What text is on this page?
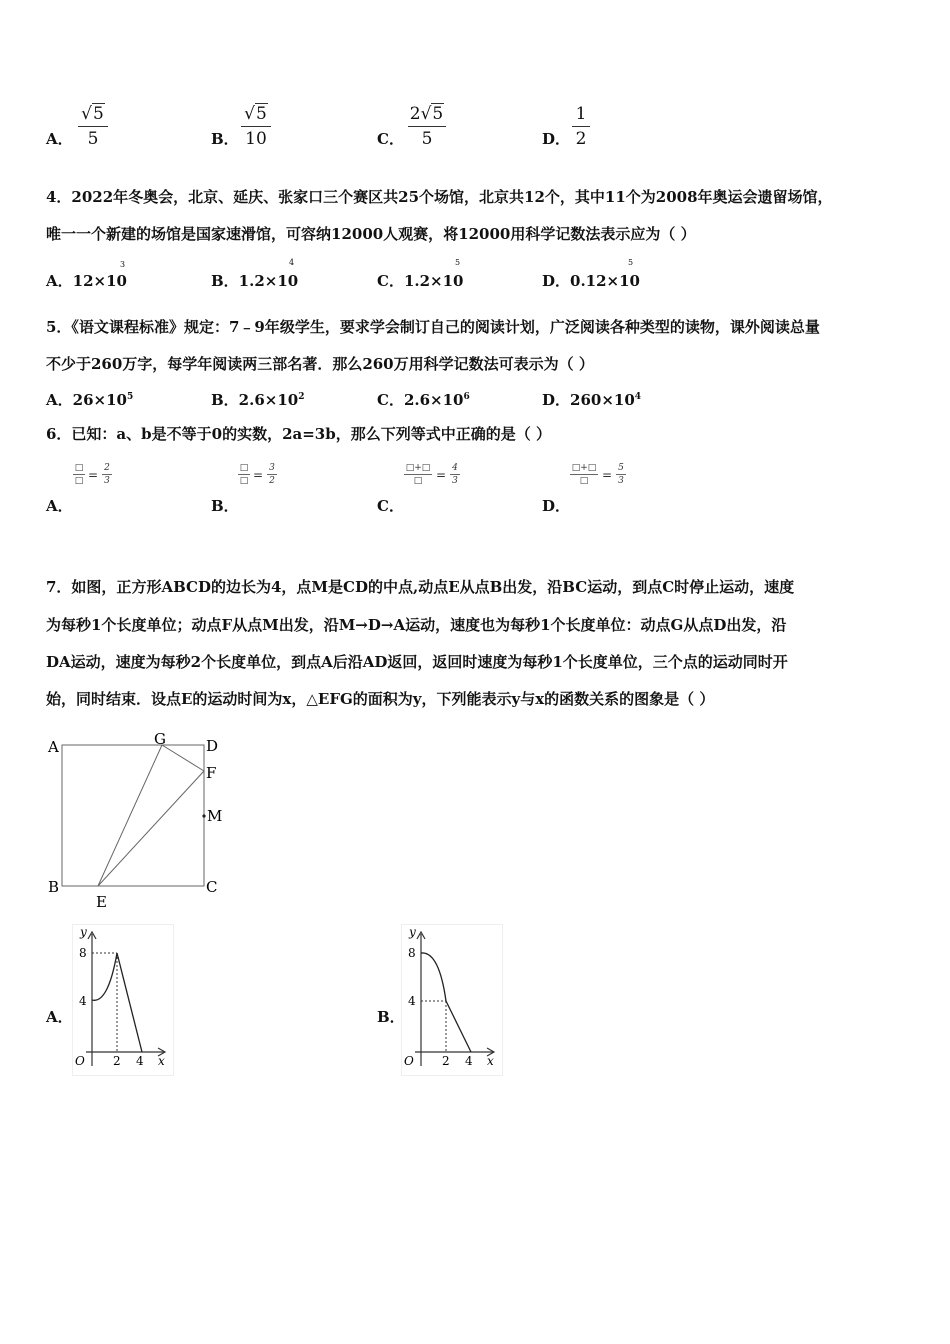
A．
√5
5	B．
√5
10	C．
2√5
5	D．
1
2
4．2022年冬奥会，北京、延庆、张家口三个赛区共25个场馆，北京共12个，其中11个为2008年奥运会遗留场馆，
唯一一个新建的场馆是国家速滑馆，可容纳12000人观赛，将12000用科学记数法表示应为（ ）
A．12×10
3
B．1.2×10
4
C．1.2×10
5
D．0.12×10
5
5．《语文课程标准》规定：7﹣9年级学生，要求学会制订自己的阅读计划，广泛阅读各种类型的读物，课外阅读总量
不少于260万字，每学年阅读两三部名著．那么260万用科学记数法可表示为（ ）
A．$26\times 10^5$	B．$2.6\times 10^2$	C．$2.6\times 10^6$	D．$260\times 10^4$
6．已知：a、b是不等于0的实数，2a=3b，那么下列等式中正确的是（ ）
□
□ = 2
3
A．
□
□ = 3
2
B．
□+□
□	= 4
3
C．
□+□
□	= 5
3
D．
7．如图，正方形ABCD的边长为4，点M是CD的中点,动点E从点B出发，沿BC运动，到点C时停止运动，速度
为每秒1个长度单位；动点F从点M出发，沿M→D→A运动，速度也为每秒1个长度单位：动点G从点D出发，沿
DA运动，速度为每秒2个长度单位，到点A后沿AD返回，返回时速度为每秒1个长度单位，三个点的运动同时开
始，同时结束．设点E的运动时间为x，△EFG的面积为y，下列能表示y与x的函数关系的图象是（ ）
A	G	D
F
M
B	C
E
A．
y
x
O
8
4
2 4
B．
y
x
O
8
4
2 4
